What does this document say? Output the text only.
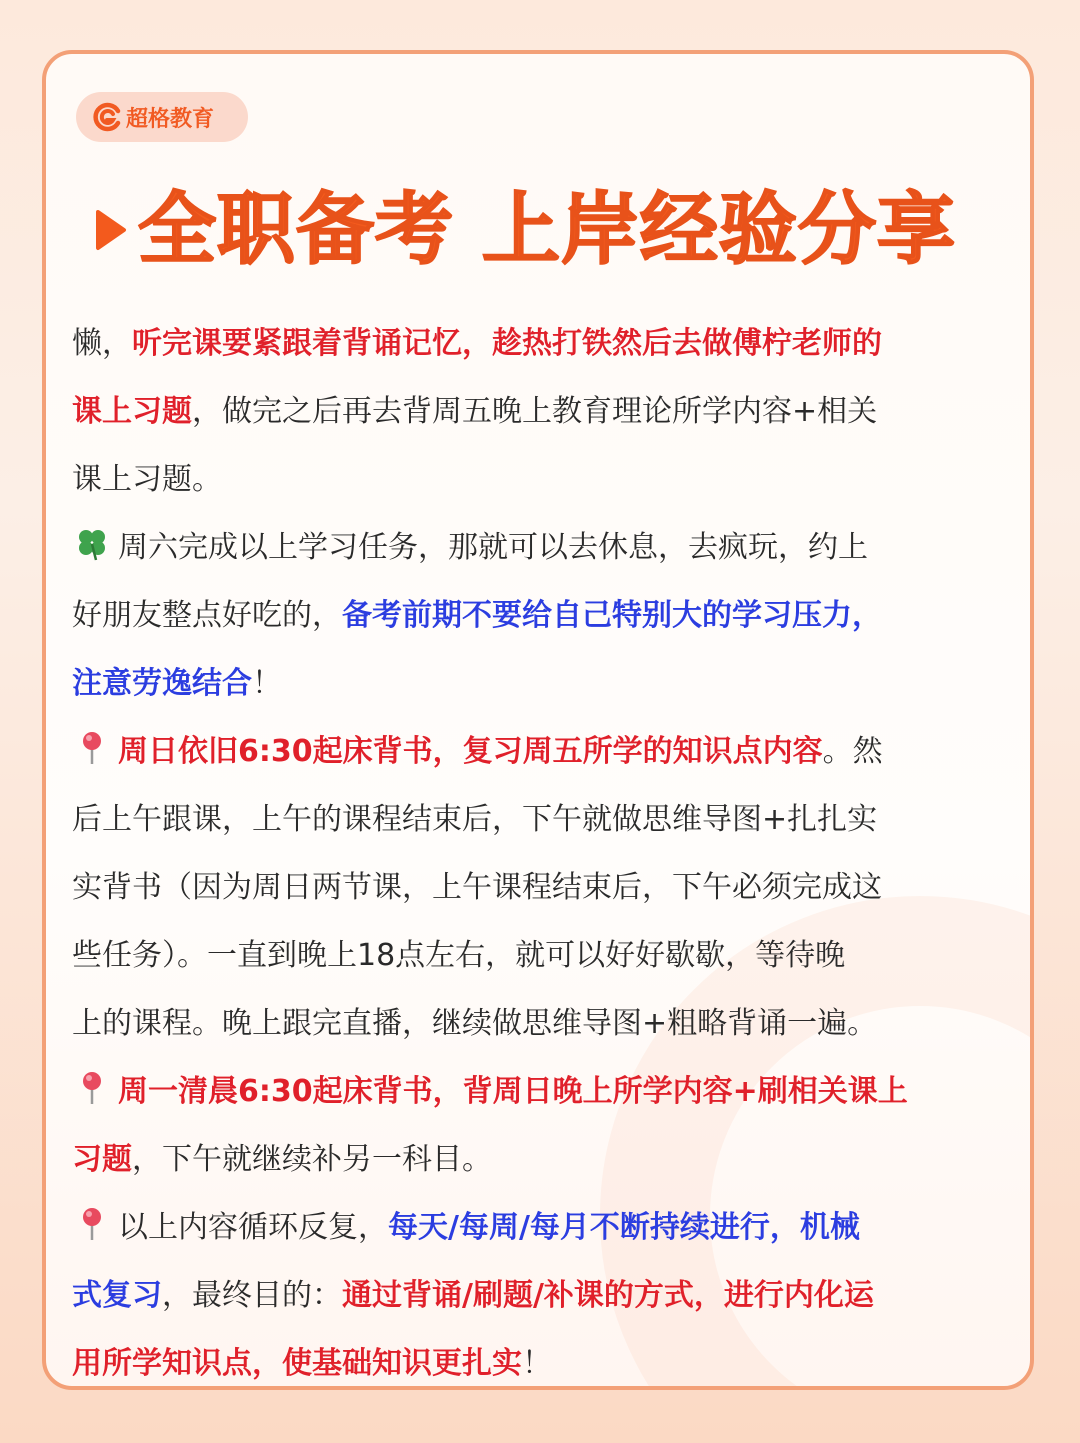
超格教育
全职备考 上岸经验分享

懒，听完课要紧跟着背诵记忆，趁热打铁然后去做傅柠老师的

课上习题，做完之后再去背周五晚上教育理论所学内容+相关

课上习题。

周六完成以上学习任务，那就可以去休息，去疯玩，约上

好朋友整点好吃的，备考前期不要给自己特别大的学习压力，

注意劳逸结合！

周日依旧6:30起床背书，复习周五所学的知识点内容。然

后上午跟课，上午的课程结束后，下午就做思维导图+扎扎实

实背书（因为周日两节课，上午课程结束后，下午必须完成这

些任务）。一直到晚上18点左右，就可以好好歇歇，等待晚

上的课程。晚上跟完直播，继续做思维导图+粗略背诵一遍。

周一清晨6:30起床背书，背周日晚上所学内容+刷相关课上

习题，下午就继续补另一科目。

以上内容循环反复，每天/每周/每月不断持续进行，机械

式复习，最终目的：通过背诵/刷题/补课的方式，进行内化运

用所学知识点，使基础知识更扎实！
